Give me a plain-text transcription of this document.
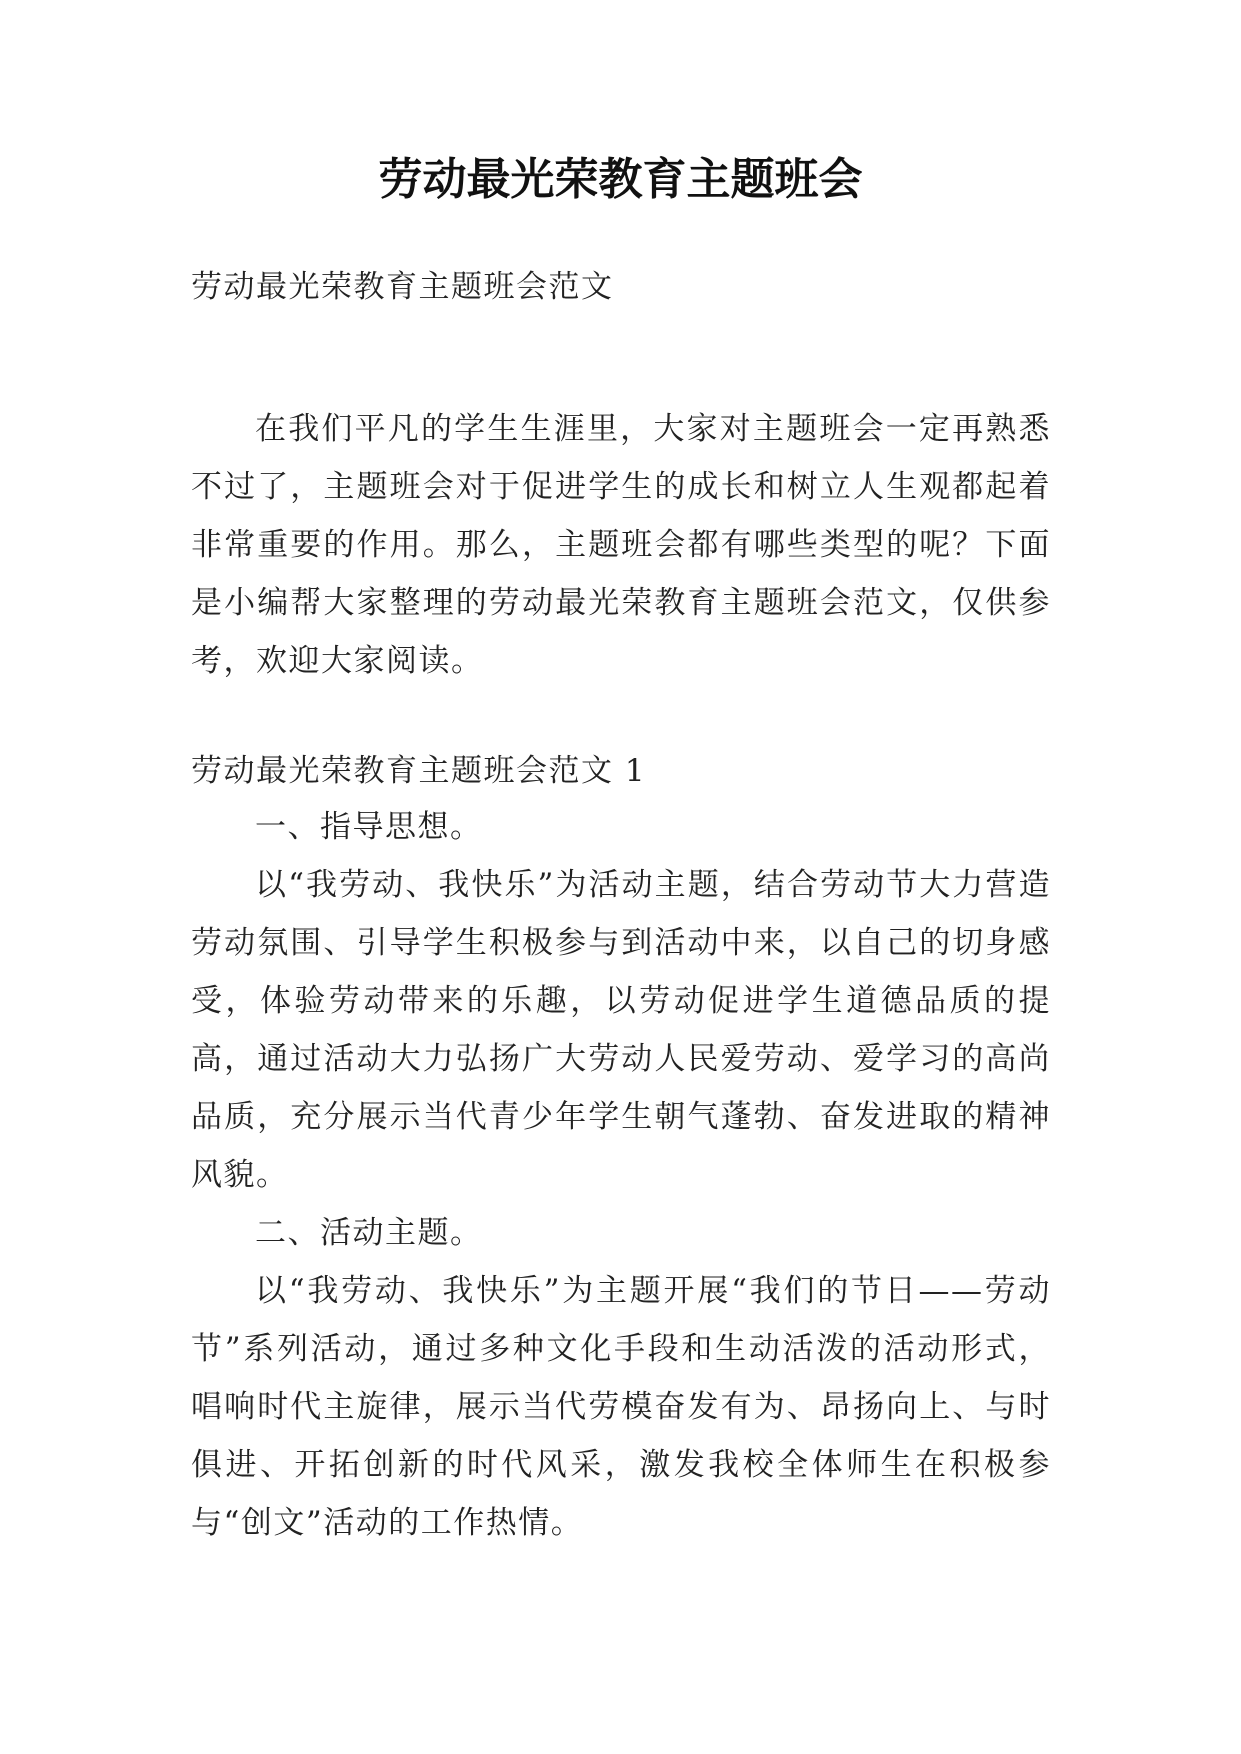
劳动最光荣教育主题班会

劳动最光荣教育主题班会范文

在我们平凡的学生生涯里，大家对主题班会一定再熟悉不过了，主题班会对于促进学生的成长和树立人生观都起着非常重要的作用。那么，主题班会都有哪些类型的呢？下面是小编帮大家整理的劳动最光荣教育主题班会范文，仅供参考，欢迎大家阅读。

劳动最光荣教育主题班会范文 1

一、指导思想。

以“我劳动、我快乐”为活动主题，结合劳动节大力营造劳动氛围、引导学生积极参与到活动中来，以自己的切身感受，体验劳动带来的乐趣，以劳动促进学生道德品质的提高，通过活动大力弘扬广大劳动人民爱劳动、爱学习的高尚品质，充分展示当代青少年学生朝气蓬勃、奋发进取的精神风貌。

二、活动主题。

以“我劳动、我快乐”为主题开展“我们的节日——劳动节”系列活动，通过多种文化手段和生动活泼的活动形式，唱响时代主旋律，展示当代劳模奋发有为、昂扬向上、与时俱进、开拓创新的时代风采，激发我校全体师生在积极参与“创文”活动的工作热情。
